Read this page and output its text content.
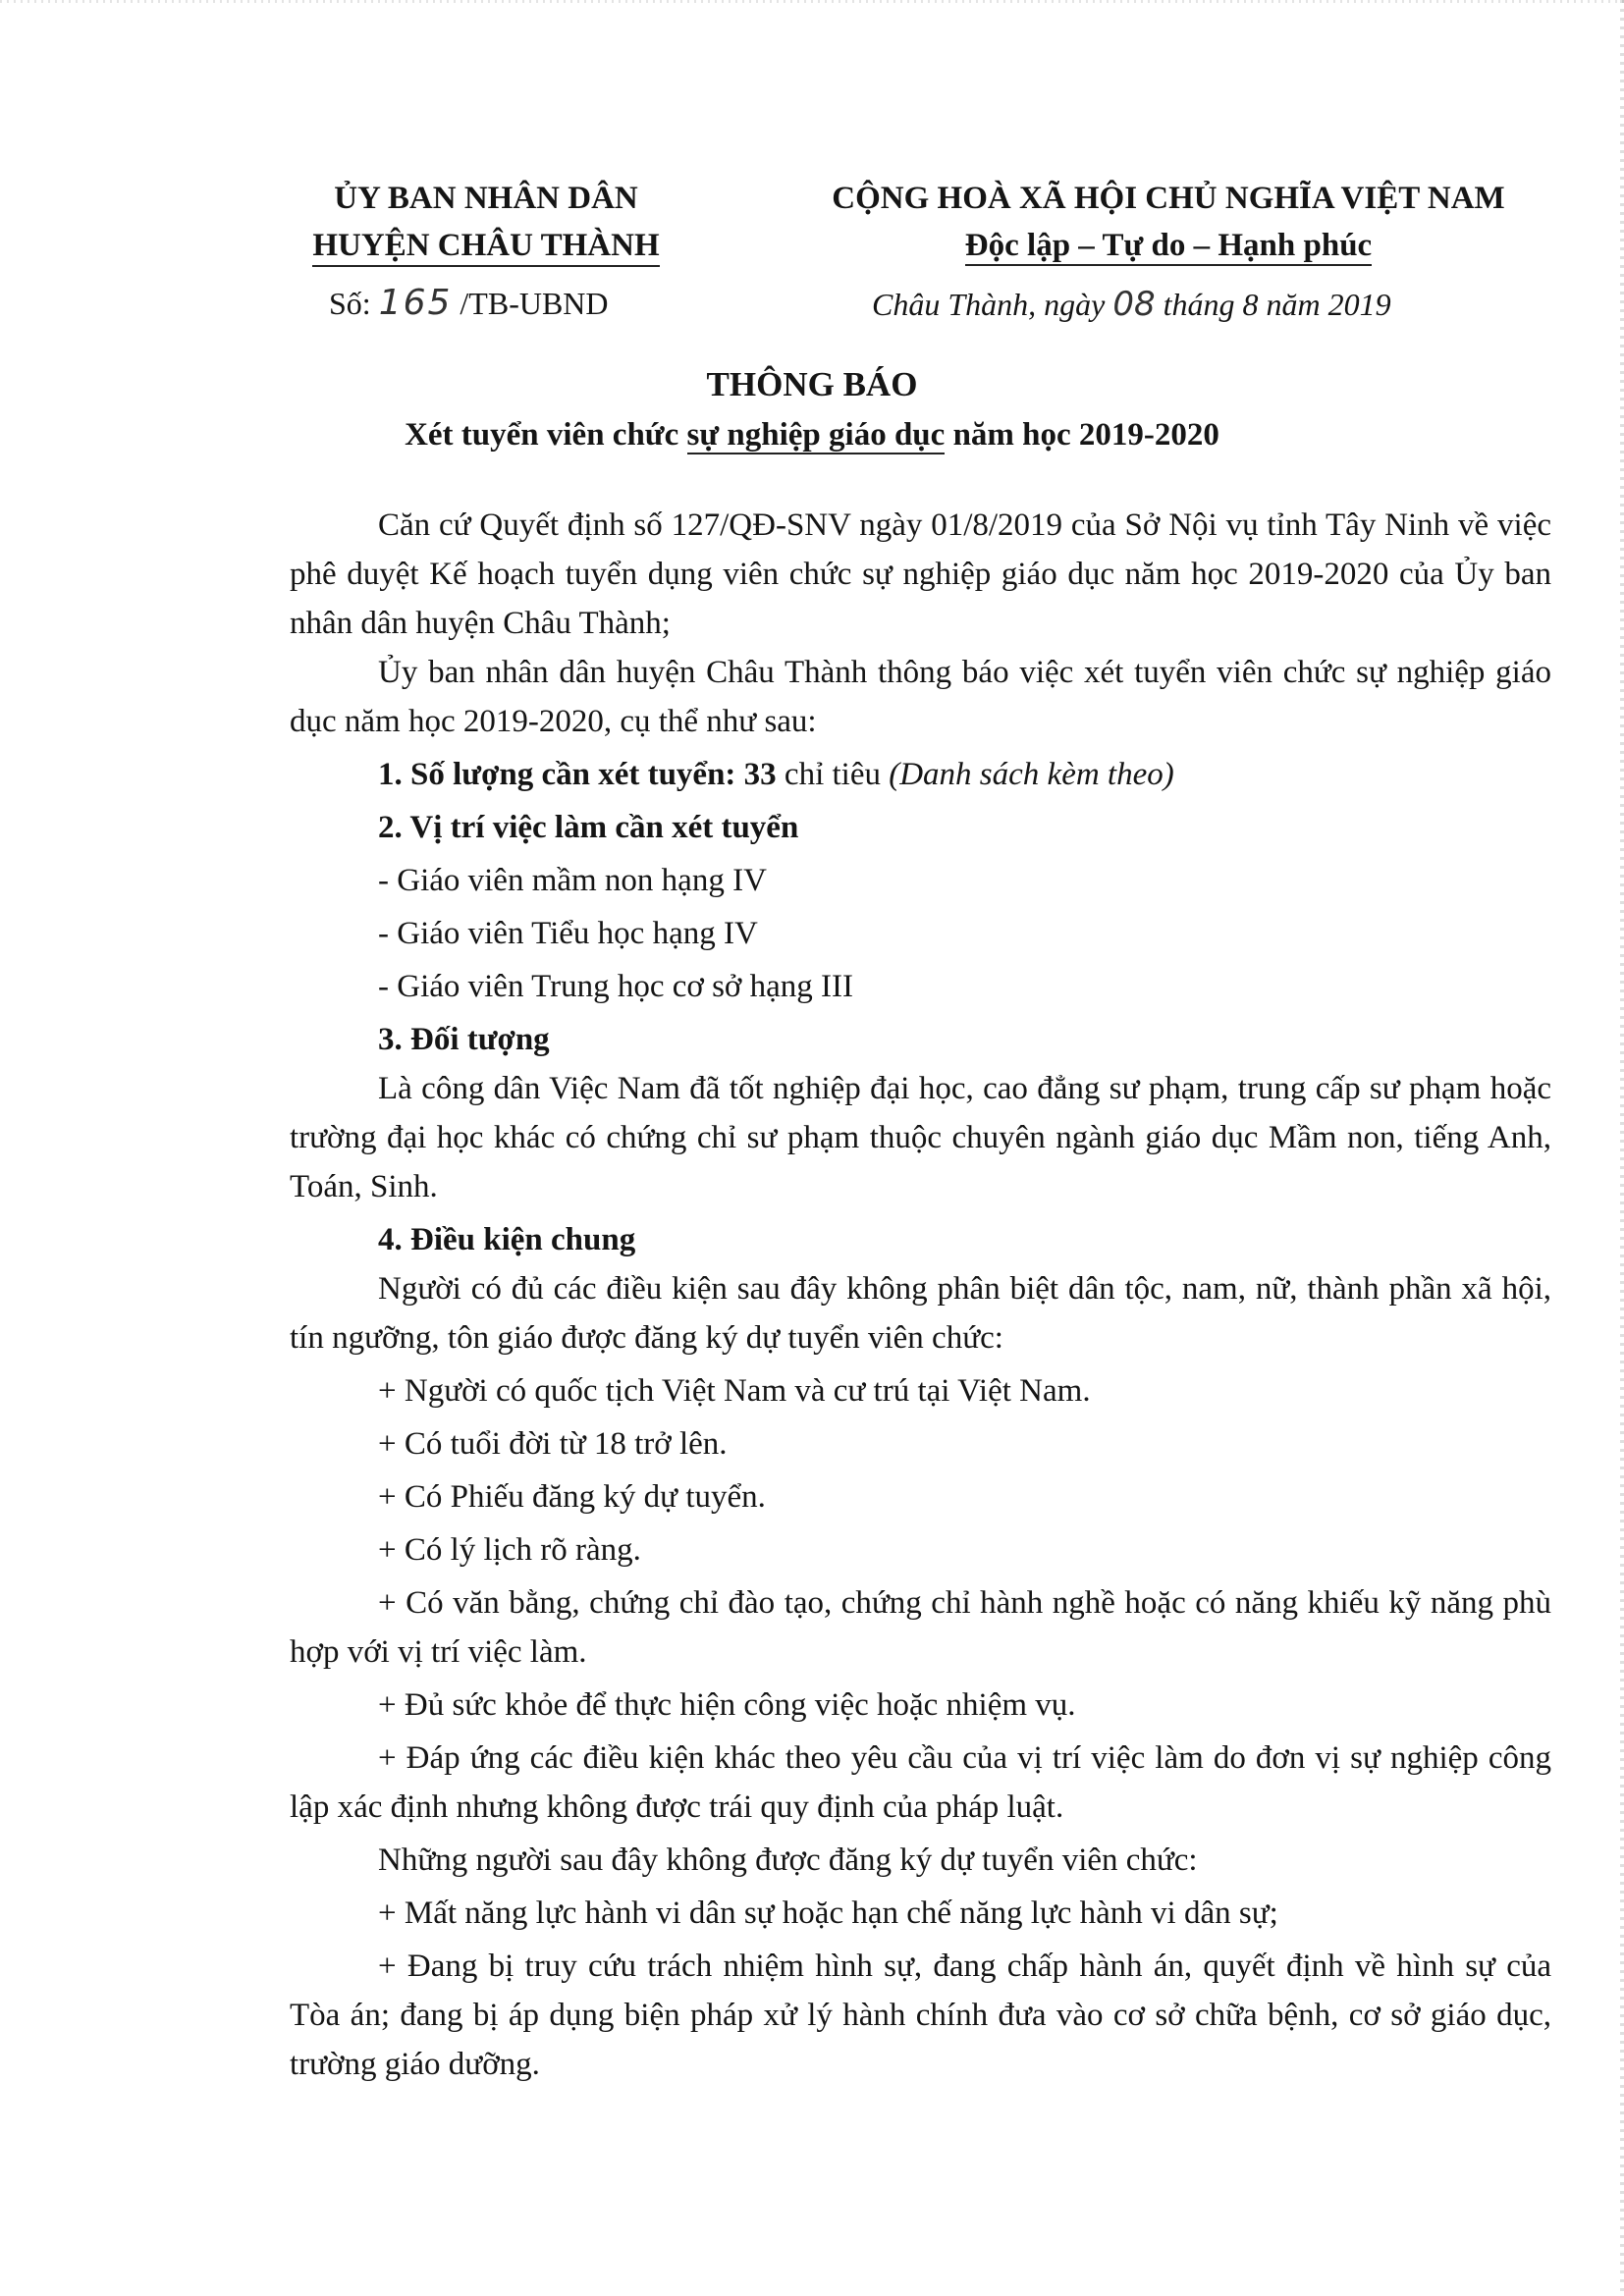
ỦY BAN NHÂN DÂN
HUYỆN CHÂU THÀNH
CỘNG HOÀ XÃ HỘI CHỦ NGHĨA VIỆT NAM
Độc lập – Tự do – Hạnh phúc
Số: 165 /TB-UBND	Châu Thành, ngày 08 tháng 8 năm 2019
THÔNG BÁO
Xét tuyển viên chức sự nghiệp giáo dục năm học 2019-2020

Căn cứ Quyết định số 127/QĐ-SNV ngày 01/8/2019 của Sở Nội vụ tỉnh Tây Ninh về việc phê duyệt Kế hoạch tuyển dụng viên chức sự nghiệp giáo dục năm học 2019-2020 của Ủy ban nhân dân huyện Châu Thành;

Ủy ban nhân dân huyện Châu Thành thông báo việc xét tuyển viên chức sự nghiệp giáo dục năm học 2019-2020, cụ thể như sau:

1. Số lượng cần xét tuyển: 33 chỉ tiêu (Danh sách kèm theo)

2. Vị trí việc làm cần xét tuyển

- Giáo viên mầm non hạng IV

- Giáo viên Tiểu học hạng IV

- Giáo viên Trung học cơ sở hạng III

3. Đối tượng

Là công dân Việc Nam đã tốt nghiệp đại học, cao đẳng sư phạm, trung cấp sư phạm hoặc trường đại học khác có chứng chỉ sư phạm thuộc chuyên ngành giáo dục Mầm non, tiếng Anh, Toán, Sinh.

4. Điều kiện chung

Người có đủ các điều kiện sau đây không phân biệt dân tộc, nam, nữ, thành phần xã hội, tín ngưỡng, tôn giáo được đăng ký dự tuyển viên chức:

+ Người có quốc tịch Việt Nam và cư trú tại Việt Nam.

+ Có tuổi đời từ 18 trở lên.

+ Có Phiếu đăng ký dự tuyển.

+ Có lý lịch rõ ràng.

+ Có văn bằng, chứng chỉ đào tạo, chứng chỉ hành nghề hoặc có năng khiếu kỹ năng phù hợp với vị trí việc làm.

+ Đủ sức khỏe để thực hiện công việc hoặc nhiệm vụ.

+ Đáp ứng các điều kiện khác theo yêu cầu của vị trí việc làm do đơn vị sự nghiệp công lập xác định nhưng không được trái quy định của pháp luật.

Những người sau đây không được đăng ký dự tuyển viên chức:

+ Mất năng lực hành vi dân sự hoặc hạn chế năng lực hành vi dân sự;

+ Đang bị truy cứu trách nhiệm hình sự, đang chấp hành án, quyết định về hình sự của Tòa án; đang bị áp dụng biện pháp xử lý hành chính đưa vào cơ sở chữa bệnh, cơ sở giáo dục, trường giáo dưỡng.
